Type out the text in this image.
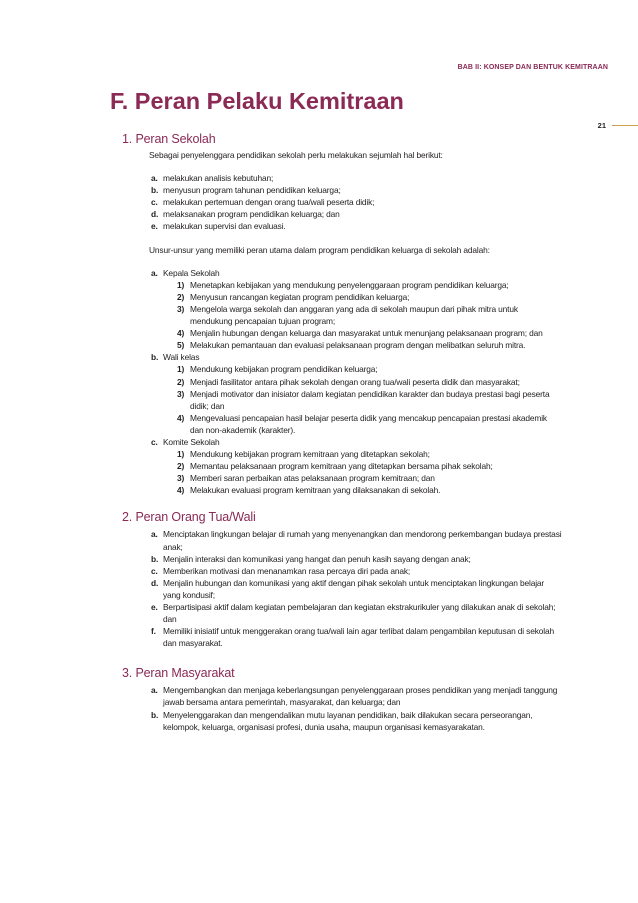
BAB II: KONSEP DAN BENTUK KEMITRAAN
21
F. Peran Pelaku Kemitraan
1. Peran Sekolah
Sebagai penyelenggara pendidikan sekolah perlu melakukan sejumlah hal berikut:
a. melakukan analisis kebutuhan;
b. menyusun program tahunan pendidikan keluarga;
c. melakukan pertemuan dengan orang tua/wali peserta didik;
d. melaksanakan program pendidikan keluarga; dan
e. melakukan supervisi dan evaluasi.
Unsur-unsur yang memiliki peran utama dalam program pendidikan keluarga di sekolah adalah:
a. Kepala Sekolah
1) Menetapkan kebijakan yang mendukung penyelenggaraan program pendidikan keluarga;
2) Menyusun rancangan kegiatan program pendidikan keluarga;
3) Mengelola warga sekolah dan anggaran yang ada di sekolah maupun dari pihak mitra untuk mendukung pencapaian tujuan program;
4) Menjalin hubungan dengan keluarga dan masyarakat untuk menunjang pelaksanaan program; dan
5) Melakukan pemantauan dan evaluasi pelaksanaan program dengan melibatkan seluruh mitra.
b. Wali kelas
1) Mendukung kebijakan program pendidikan keluarga;
2) Menjadi fasilitator antara pihak sekolah dengan orang tua/wali peserta didik dan masyarakat;
3) Menjadi motivator dan inisiator dalam kegiatan pendidikan karakter dan budaya prestasi bagi peserta didik; dan
4) Mengevaluasi pencapaian hasil belajar peserta didik yang mencakup pencapaian prestasi akademik dan non-akademik (karakter).
c. Komite Sekolah
1) Mendukung kebijakan program kemitraan yang ditetapkan sekolah;
2) Memantau pelaksanaan program kemitraan yang ditetapkan bersama pihak sekolah;
3) Memberi saran perbaikan atas pelaksanaan program kemitraan; dan
4) Melakukan evaluasi program kemitraan yang dilaksanakan di sekolah.
2. Peran Orang Tua/Wali
a. Menciptakan lingkungan belajar di rumah yang menyenangkan dan mendorong perkembangan budaya prestasi anak;
b. Menjalin interaksi dan komunikasi yang hangat dan penuh kasih sayang dengan anak;
c. Memberikan motivasi dan menanamkan rasa percaya diri pada anak;
d. Menjalin hubungan dan komunikasi yang aktif dengan pihak sekolah untuk menciptakan lingkungan belajar yang kondusif;
e. Berpartisipasi aktif dalam kegiatan pembelajaran dan kegiatan ekstrakurikuler yang dilakukan anak di sekolah; dan
f. Memiliki inisiatif untuk menggerakan orang tua/wali lain agar terlibat dalam pengambilan keputusan di sekolah dan masyarakat.
3. Peran Masyarakat
a. Mengembangkan dan menjaga keberlangsungan penyelenggaraan proses pendidikan yang menjadi tanggung jawab bersama antara pemerintah, masyarakat, dan keluarga; dan
b. Menyelenggarakan dan mengendalikan mutu layanan pendidikan, baik dilakukan secara perseorangan, kelompok, keluarga, organisasi profesi, dunia usaha, maupun organisasi kemasyarakatan.
